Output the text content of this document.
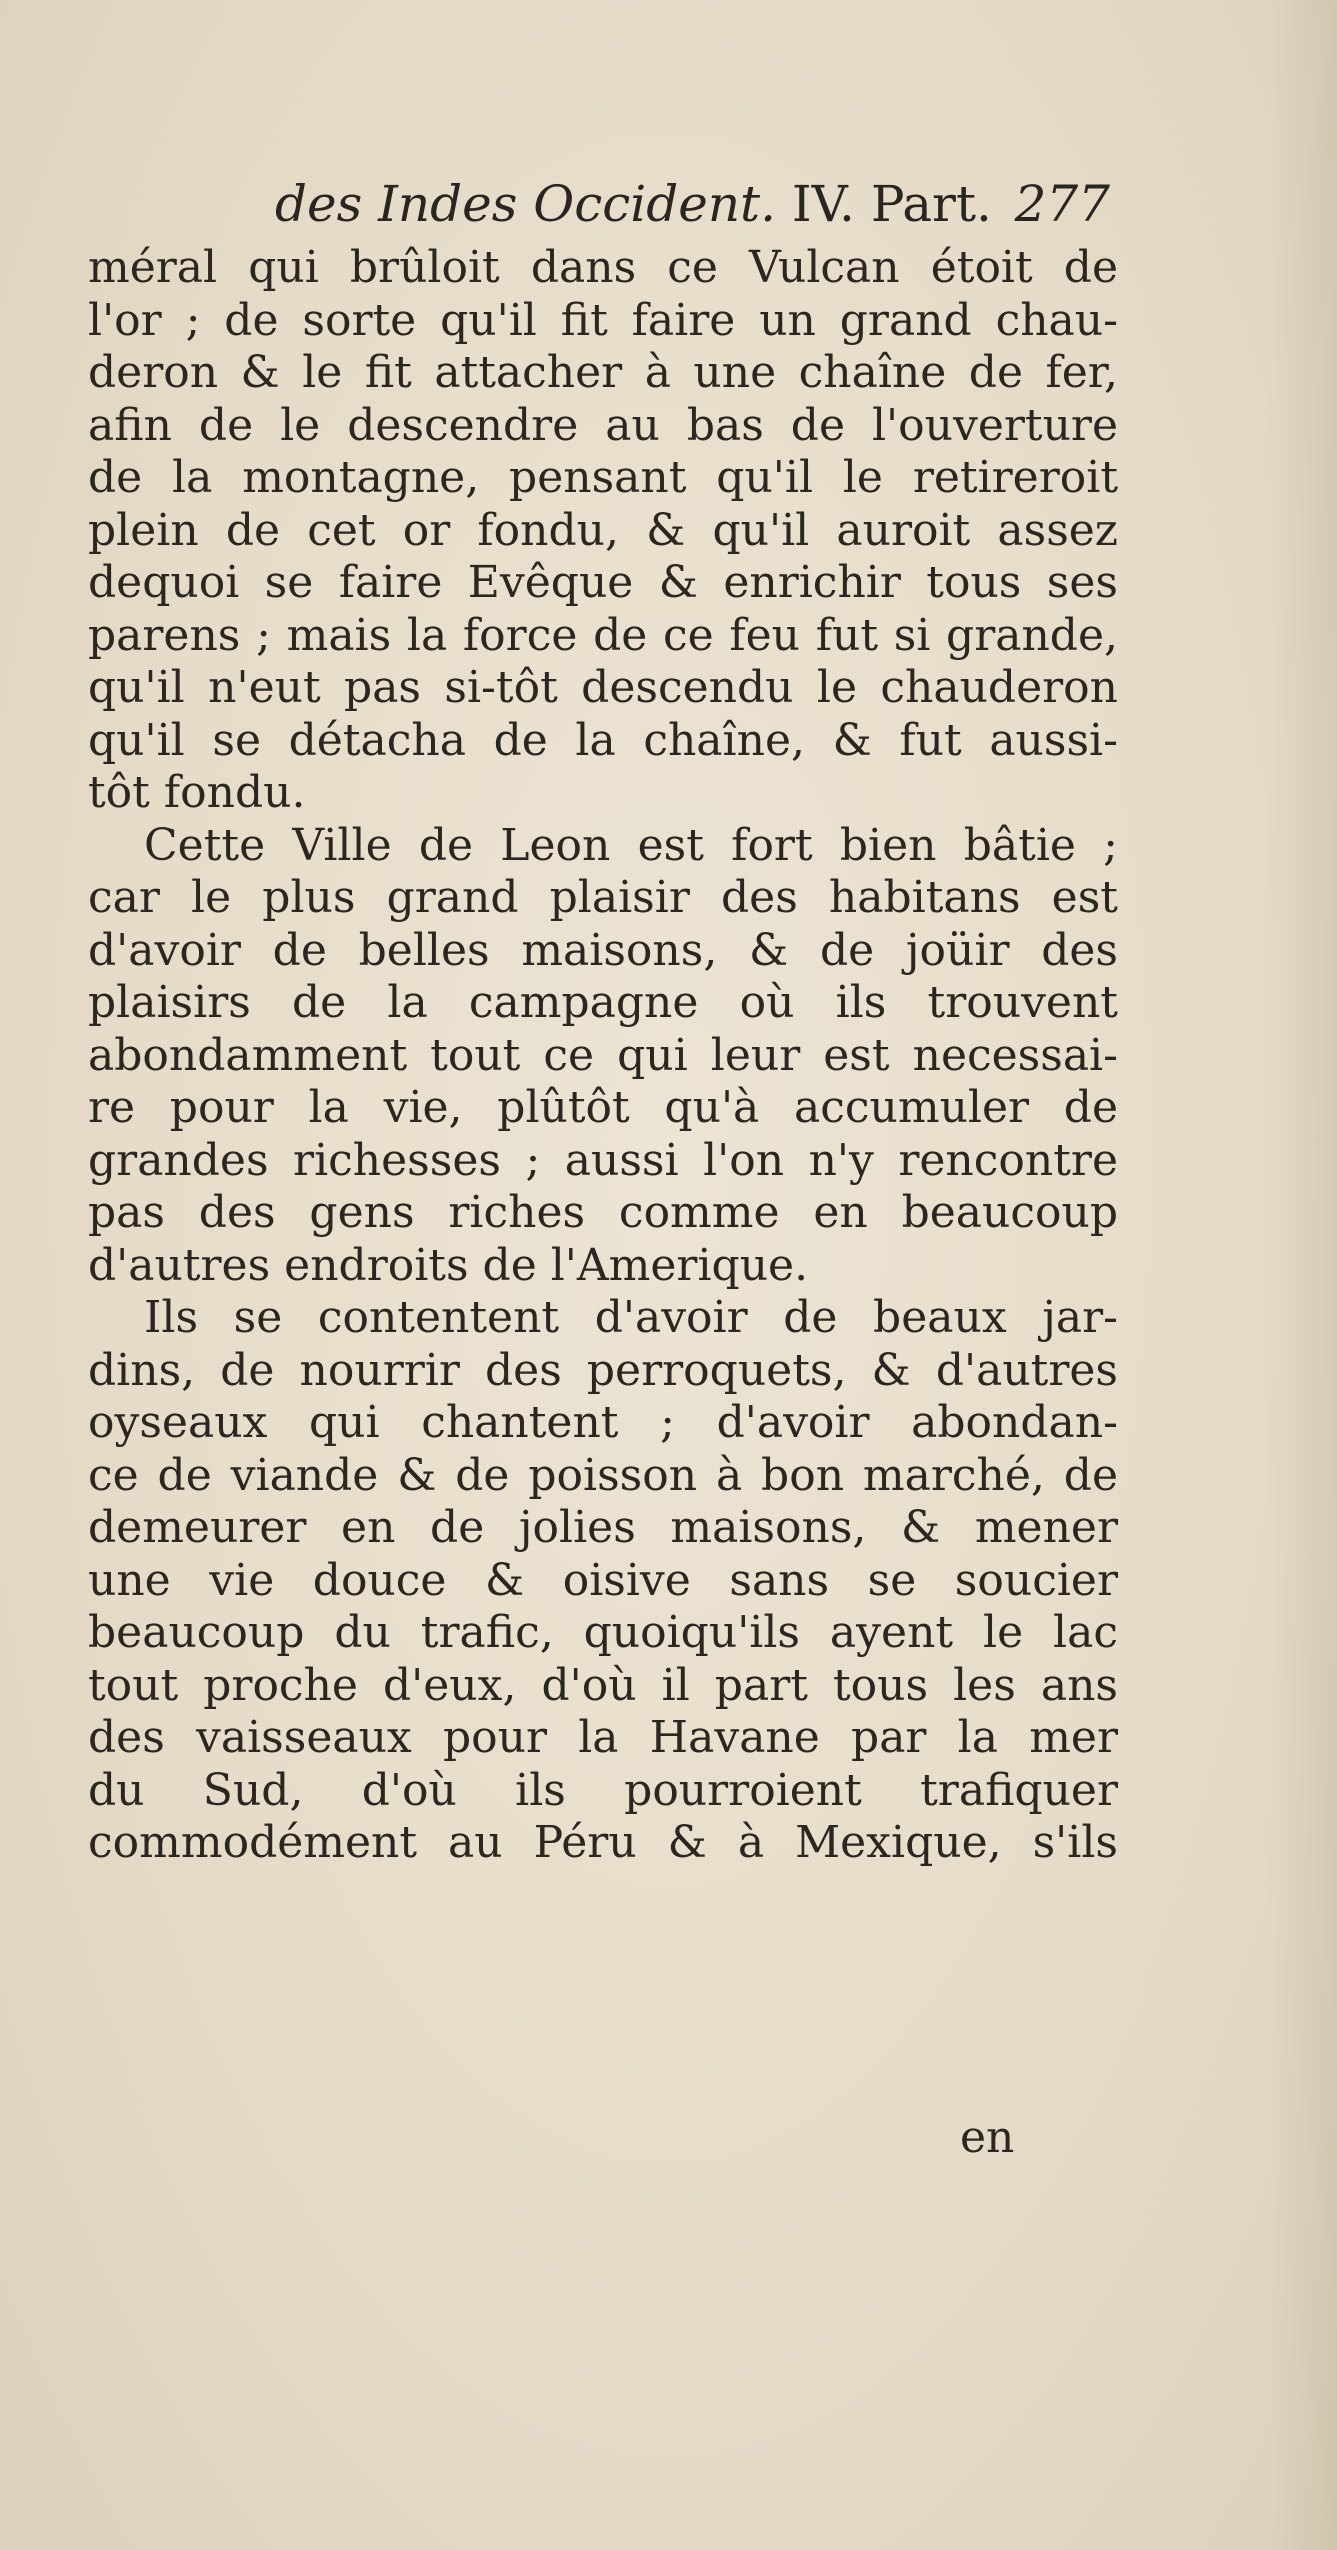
des Indes Occident. IV. Part. 277
méral qui brûloit dans ce Vulcan étoit de
l'or ; de sorte qu'il fit faire un grand chau-
deron & le fit attacher à une chaîne de fer,
afin de le descendre au bas de l'ouverture
de la montagne, pensant qu'il le retireroit
plein de cet or fondu, & qu'il auroit assez
dequoi se faire Evêque & enrichir tous ses
parens ; mais la force de ce feu fut si grande,
qu'il n'eut pas si-tôt descendu le chauderon
qu'il se détacha de la chaîne, & fut aussi-
tôt fondu.
Cette Ville de Leon est fort bien bâtie ;
car le plus grand plaisir des habitans est
d'avoir de belles maisons, & de joüir des
plaisirs de la campagne où ils trouvent
abondamment tout ce qui leur est necessai-
re pour la vie, plûtôt qu'à accumuler de
grandes richesses ; aussi l'on n'y rencontre
pas des gens riches comme en beaucoup
d'autres endroits de l'Amerique.
Ils se contentent d'avoir de beaux jar-
dins, de nourrir des perroquets, & d'autres
oyseaux qui chantent ; d'avoir abondan-
ce de viande & de poisson à bon marché, de
demeurer en de jolies maisons, & mener
une vie douce & oisive sans se soucier
beaucoup du trafic, quoiqu'ils ayent le lac
tout proche d'eux, d'où il part tous les ans
des vaisseaux pour la Havane par la mer
du Sud, d'où ils pourroient trafiquer
commodément au Péru & à Mexique, s'ils
en
